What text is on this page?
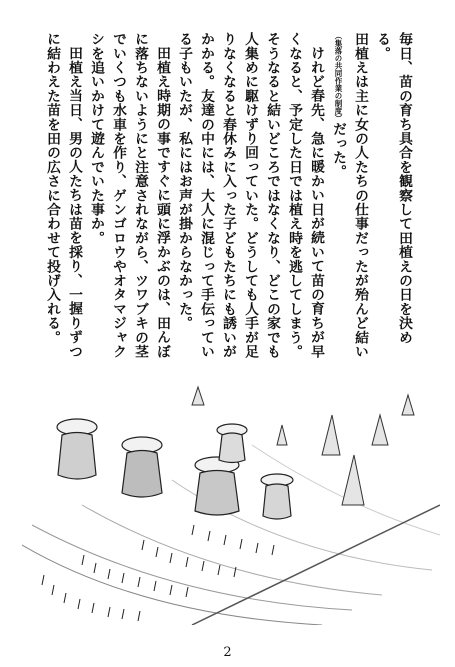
毎日、苗の育ち具合を観察して田植えの日を決める。

田植えは主に女の人たちの仕事だったが殆んど結い

（集落の共同作業の制度）だった。

けれど春先、急に暖かい日が続いて苗の育ちが早くなると、予定した日では植え時を逃してしまう。そうなると結いどころではなくなり、どこの家でも人集めに駆けずり回っていた。どうしても人手が足りなくなると春休みに入った子どもたちにも誘いがかかる。友達の中には、大人に混じって手伝っている子もいたが、私にはお声が掛からなかった。

田植え時期の事ですぐに頭に浮かぶのは、田んぼに落ちないようにと注意されながら、ツワブキの茎でいくつも水車を作り、ゲンゴロウやオタマジャクシを追いかけて遊んでいた事か。

田植え当日、男の人たちは苗を採り、一握りずつに結わえた苗を田の広さに合わせて投げ入れる。

2
